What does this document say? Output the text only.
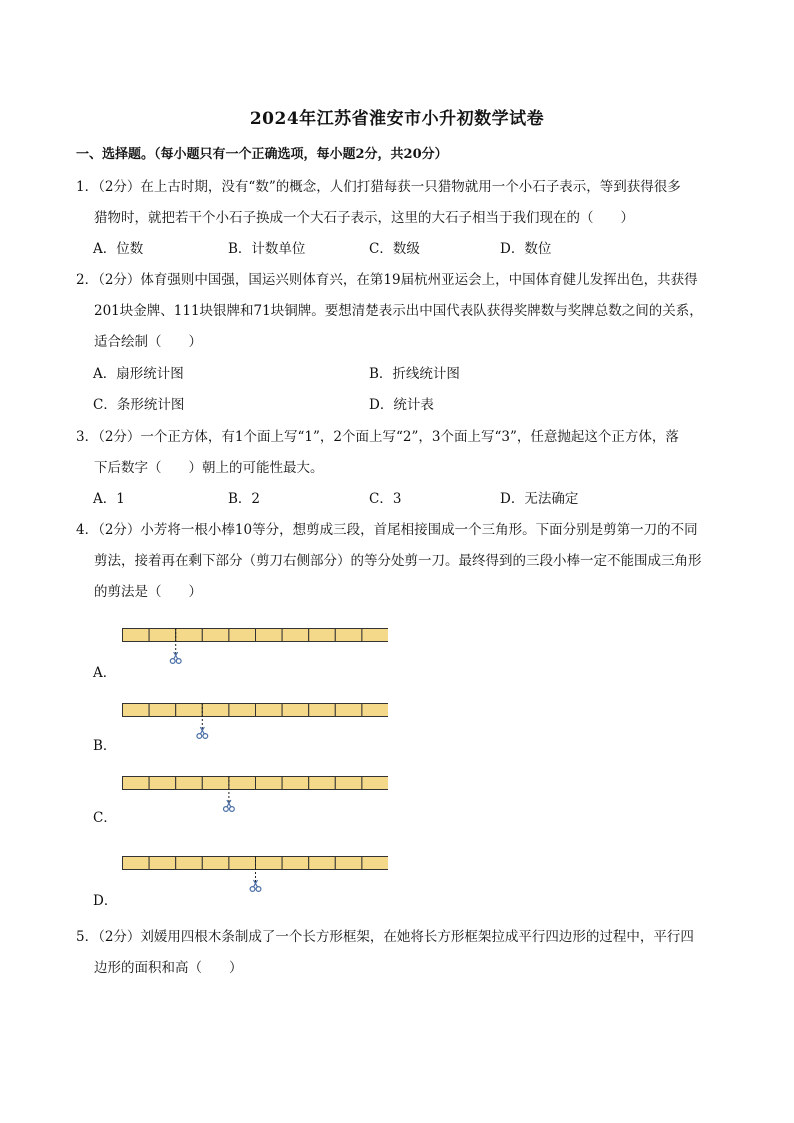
2024年江苏省淮安市小升初数学试卷
一、选择题。（每小题只有一个正确选项，每小题2分，共20分）
1．（2分）在上古时期，没有“数”的概念，人们打猎每获一只猎物就用一个小石子表示，等到获得很多
猎物时，就把若干个小石子换成一个大石子表示，这里的大石子相当于我们现在的（　　）
A．位数	B．计数单位	C．数级	D．数位
2．（2分）体育强则中国强，国运兴则体育兴，在第19届杭州亚运会上，中国体育健儿发挥出色，共获得
201块金牌、111块银牌和71块铜牌。要想清楚表示出中国代表队获得奖牌数与奖牌总数之间的关系，
适合绘制（　　）
A．扇形统计图	B．折线统计图
C．条形统计图	D．统计表
3．（2分）一个正方体，有1个面上写“1”，2个面上写“2”，3个面上写“3”，任意抛起这个正方体，落
下后数字（　　）朝上的可能性最大。
A．1	B．2	C．3	D．无法确定
4．（2分）小芳将一根小棒10等分，想剪成三段，首尾相接围成一个三角形。下面分别是剪第一刀的不同
剪法，接着再在剩下部分（剪刀右侧部分）的等分处剪一刀。最终得到的三段小棒一定不能围成三角形
的剪法是（　　）
A．
B．
C．
D．
5．（2分）刘媛用四根木条制成了一个长方形框架，在她将长方形框架拉成平行四边形的过程中，平行四
边形的面积和高（　　）
